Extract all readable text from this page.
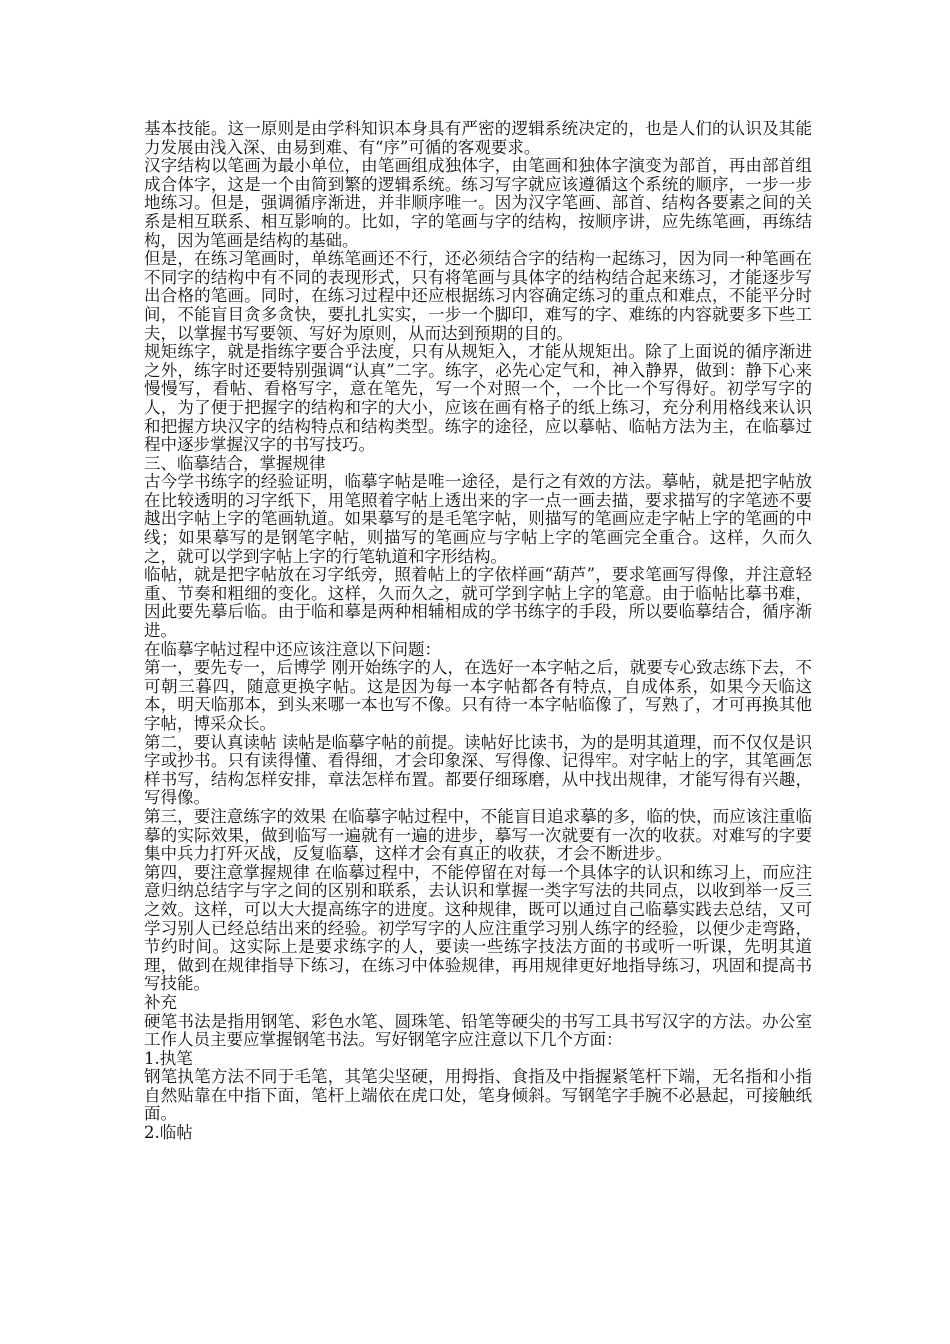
基本技能。这一原则是由学科知识本身具有严密的逻辑系统决定的，也是人们的认识及其能力发展由浅入深、由易到难、有“序”可循的客观要求。

汉字结构以笔画为最小单位，由笔画组成独体字，由笔画和独体字演变为部首，再由部首组成合体字，这是一个由简到繁的逻辑系统。练习写字就应该遵循这个系统的顺序，一步一步地练习。但是，强调循序渐进，并非顺序唯一。因为汉字笔画、部首、结构各要素之间的关系是相互联系、相互影响的。比如，字的笔画与字的结构，按顺序讲，应先练笔画，再练结构，因为笔画是结构的基础。

但是，在练习笔画时，单练笔画还不行，还必须结合字的结构一起练习，因为同一种笔画在不同字的结构中有不同的表现形式，只有将笔画与具体字的结构结合起来练习，才能逐步写出合格的笔画。同时，在练习过程中还应根据练习内容确定练习的重点和难点，不能平分时间，不能盲目贪多贪快，要扎扎实实，一步一个脚印，难写的字、难练的内容就要多下些工夫，以掌握书写要领、写好为原则，从而达到预期的目的。

规矩练字，就是指练字要合乎法度，只有从规矩入，才能从规矩出。除了上面说的循序渐进之外，练字时还要特别强调“认真”二字。练字，必先心定气和，神入静界，做到：静下心来慢慢写，看帖、看格写字，意在笔先，写一个对照一个，一个比一个写得好。初学写字的人，为了便于把握字的结构和字的大小，应该在画有格子的纸上练习，充分利用格线来认识和把握方块汉字的结构特点和结构类型。练字的途径，应以摹帖、临帖方法为主，在临摹过程中逐步掌握汉字的书写技巧。

三、临摹结合，掌握规律

古今学书练字的经验证明，临摹字帖是唯一途径，是行之有效的方法。摹帖，就是把字帖放在比较透明的习字纸下，用笔照着字帖上透出来的字一点一画去描，要求描写的字笔迹不要越出字帖上字的笔画轨道。如果摹写的是毛笔字帖，则描写的笔画应走字帖上字的笔画的中线；如果摹写的是钢笔字帖，则描写的笔画应与字帖上字的笔画完全重合。这样，久而久之，就可以学到字帖上字的行笔轨道和字形结构。

临帖，就是把字帖放在习字纸旁，照着帖上的字依样画“葫芦”，要求笔画写得像，并注意轻重、节奏和粗细的变化。这样，久而久之，就可学到字帖上字的笔意。由于临帖比摹书难，因此要先摹后临。由于临和摹是两种相辅相成的学书练字的手段，所以要临摹结合，循序渐进。

在临摹字帖过程中还应该注意以下问题：

第一，要先专一，后博学 刚开始练字的人，在选好一本字帖之后，就要专心致志练下去，不可朝三暮四，随意更换字帖。这是因为每一本字帖都各有特点，自成体系，如果今天临这本，明天临那本，到头来哪一本也写不像。只有待一本字帖临像了，写熟了，才可再换其他字帖，博采众长。

第二，要认真读帖 读帖是临摹字帖的前提。读帖好比读书，为的是明其道理，而不仅仅是识字或抄书。只有读得懂、看得细，才会印象深、写得像、记得牢。对字帖上的字，其笔画怎样书写，结构怎样安排，章法怎样布置。都要仔细琢磨，从中找出规律，才能写得有兴趣，写得像。

第三，要注意练字的效果 在临摹字帖过程中，不能盲目追求摹的多，临的快，而应该注重临摹的实际效果，做到临写一遍就有一遍的进步，摹写一次就要有一次的收获。对难写的字要集中兵力打歼灭战，反复临摹，这样才会有真正的收获，才会不断进步。

第四，要注意掌握规律 在临摹过程中，不能停留在对每一个具体字的认识和练习上，而应注意归纳总结字与字之间的区别和联系，去认识和掌握一类字写法的共同点，以收到举一反三之效。这样，可以大大提高练字的进度。这种规律，既可以通过自己临摹实践去总结，又可学习别人已经总结出来的经验。初学写字的人应注重学习别人练字的经验，以便少走弯路，节约时间。这实际上是要求练字的人，要读一些练字技法方面的书或听一听课，先明其道理，做到在规律指导下练习，在练习中体验规律，再用规律更好地指导练习，巩固和提高书写技能。

补充

硬笔书法是指用钢笔、彩色水笔、圆珠笔、铅笔等硬尖的书写工具书写汉字的方法。办公室工作人员主要应掌握钢笔书法。写好钢笔字应注意以下几个方面：

1.执笔

钢笔执笔方法不同于毛笔，其笔尖坚硬，用拇指、食指及中指握紧笔杆下端，无名指和小指自然贴靠在中指下面，笔杆上端依在虎口处，笔身倾斜。写钢笔字手腕不必悬起，可接触纸面。

2.临帖
